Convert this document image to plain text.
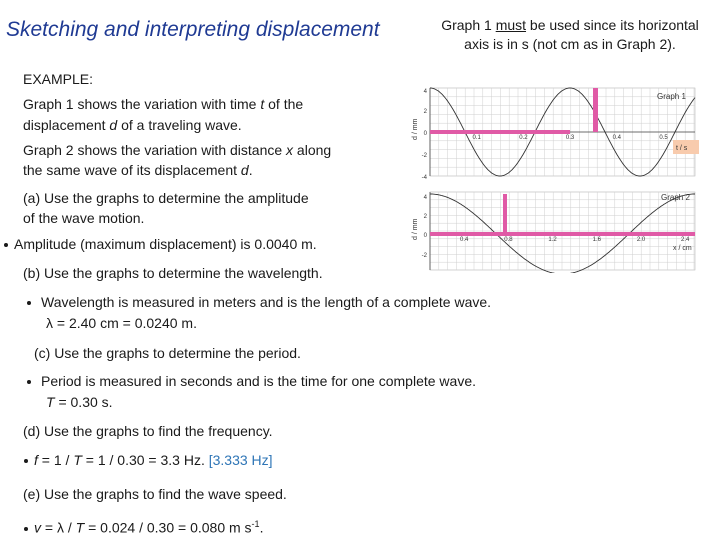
Sketching and interpreting displacement	Graph 1 must be used since its horizontal axis is in s (not cm as in Graph 2).
EXAMPLE:
Graph 1 shows the variation with time t of the
displacement d of a traveling wave.
Graph 2 shows the variation with distance x along
the same wave of its displacement d.
(a) Use the graphs to determine the amplitude
of the wave motion.
Amplitude (maximum displacement) is 0.0040 m.
(b) Use the graphs to determine the wavelength.
Wavelength is measured in meters and is the length of a complete wave.
λ = 2.40 cm = 0.0240 m.
(c) Use the graphs to determine the period.
Period is measured in seconds and is the time for one complete wave.
T = 0.30 s.
(d) Use the graphs to find the frequency.
f = 1 / T = 1 / 0.30 = 3.3 Hz. [3.333 Hz]
(e) Use the graphs to find the wave speed.
v = λ / T = 0.024 / 0.30 = 0.080 m $s^{-1}$.
Graph 1
d / mm
t / s
4
2
0
-2
-4
0.1	0.2	0.3	0.4	0.5
Graph 2
d / mm
x / cm
4
2
0
-2
0.4	0.8	1.2	1.6	2.0	2.4
